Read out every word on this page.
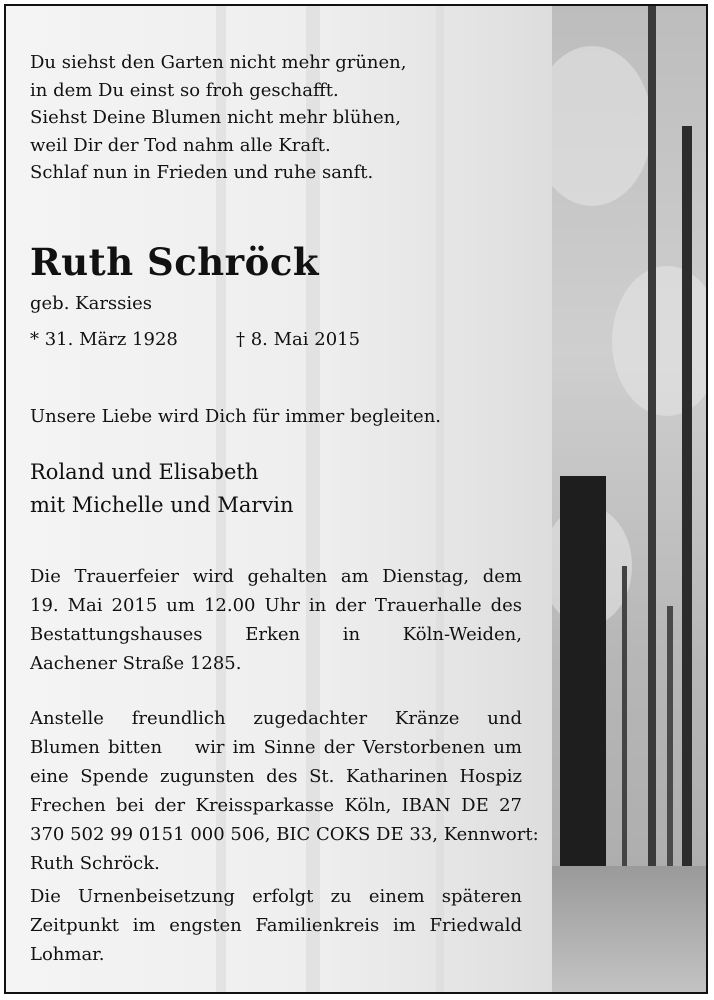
Du siehst den Garten nicht mehr grünen,
in dem Du einst so froh geschafft.
Siehst Deine Blumen nicht mehr blühen,
weil Dir der Tod nahm alle Kraft.
Schlaf nun in Frieden und ruhe sanft.
Ruth Schröck
geb. Karssies
* 31. März 1928	† 8. Mai 2015
Unsere Liebe wird Dich für immer begleiten.
Roland und Elisabeth
mit Michelle und Marvin
Die Trauerfeier wird gehalten am Dienstag, dem
19. Mai 2015 um 12.00 Uhr in der Trauerhalle des
Bestattungshauses Erken in Köln-Weiden,
Aachener Straße 1285.
Anstelle freundlich zugedachter Kränze und
Blumen bitten    wir im Sinne der Verstorbenen um
eine Spende zugunsten des St. Katharinen Hospiz
Frechen bei der Kreissparkasse Köln, IBAN DE 27
370 502 99 0151 000 506, BIC COKS DE 33, Kennwort:
Ruth Schröck.
Die Urnenbeisetzung erfolgt zu einem späteren
Zeitpunkt im engsten Familienkreis im Friedwald
Lohmar.
